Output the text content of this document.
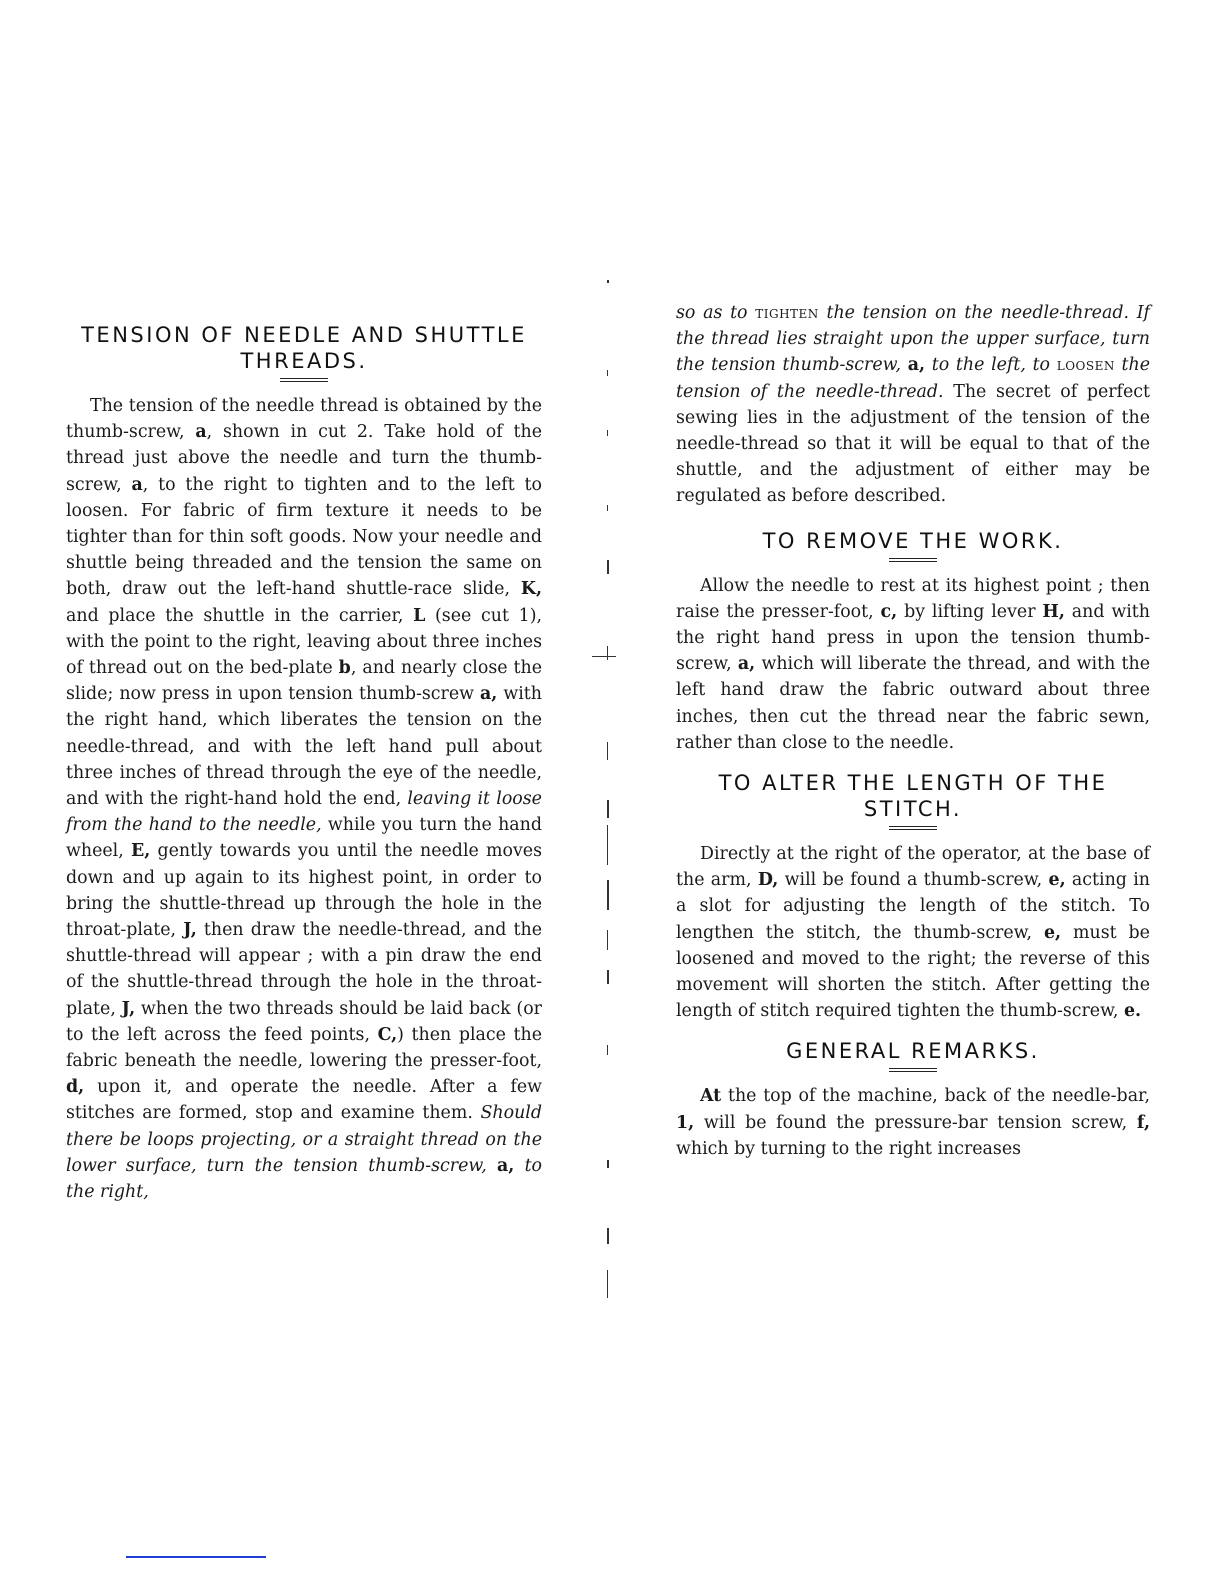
TENSION OF NEEDLE AND SHUTTLE THREADS.

The tension of the needle thread is obtained by the thumb-screw, a, shown in cut 2. Take hold of the thread just above the needle and turn the thumb-screw, a, to the right to tighten and to the left to loosen. For fabric of firm texture it needs to be tighter than for thin soft goods. Now your needle and shuttle being threaded and the tension the same on both, draw out the left-hand shuttle-race slide, K, and place the shuttle in the carrier, L (see cut 1), with the point to the right, leaving about three inches of thread out on the bed-plate b, and nearly close the slide; now press in upon tension thumb-screw a, with the right hand, which liberates the tension on the needle-thread, and with the left hand pull about three inches of thread through the eye of the needle, and with the right-hand hold the end, leaving it loose from the hand to the needle, while you turn the hand wheel, E, gently towards you until the needle moves down and up again to its highest point, in order to bring the shuttle-thread up through the hole in the throat-plate, J, then draw the needle-thread, and the shuttle-thread will appear ; with a pin draw the end of the shuttle-thread through the hole in the throat-plate, J, when the two threads should be laid back (or to the left across the feed points, C,) then place the fabric beneath the needle, lowering the presser-foot, d, upon it, and operate the needle. After a few stitches are formed, stop and examine them. Should there be loops projecting, or a straight thread on the lower surface, turn the tension thumb-screw, a, to the right,

so as to tighten the tension on the needle-thread. If the thread lies straight upon the upper surface, turn the tension thumb-screw, a, to the left, to loosen the tension of the needle-thread. The secret of perfect sewing lies in the adjustment of the tension of the needle-thread so that it will be equal to that of the shuttle, and the adjustment of either may be regulated as before described.

TO REMOVE THE WORK.

Allow the needle to rest at its highest point ; then raise the presser-foot, c, by lifting lever H, and with the right hand press in upon the tension thumb-screw, a, which will liberate the thread, and with the left hand draw the fabric outward about three inches, then cut the thread near the fabric sewn, rather than close to the needle.

TO ALTER THE LENGTH OF THE STITCH.

Directly at the right of the operator, at the base of the arm, D, will be found a thumb-screw, e, acting in a slot for adjusting the length of the stitch. To lengthen the stitch, the thumb-screw, e, must be loosened and moved to the right; the reverse of this movement will shorten the stitch. After getting the length of stitch required tighten the thumb-screw, e.

GENERAL REMARKS.

At the top of the machine, back of the needle-bar, 1, will be found the pressure-bar tension screw, f, which by turning to the right increases
